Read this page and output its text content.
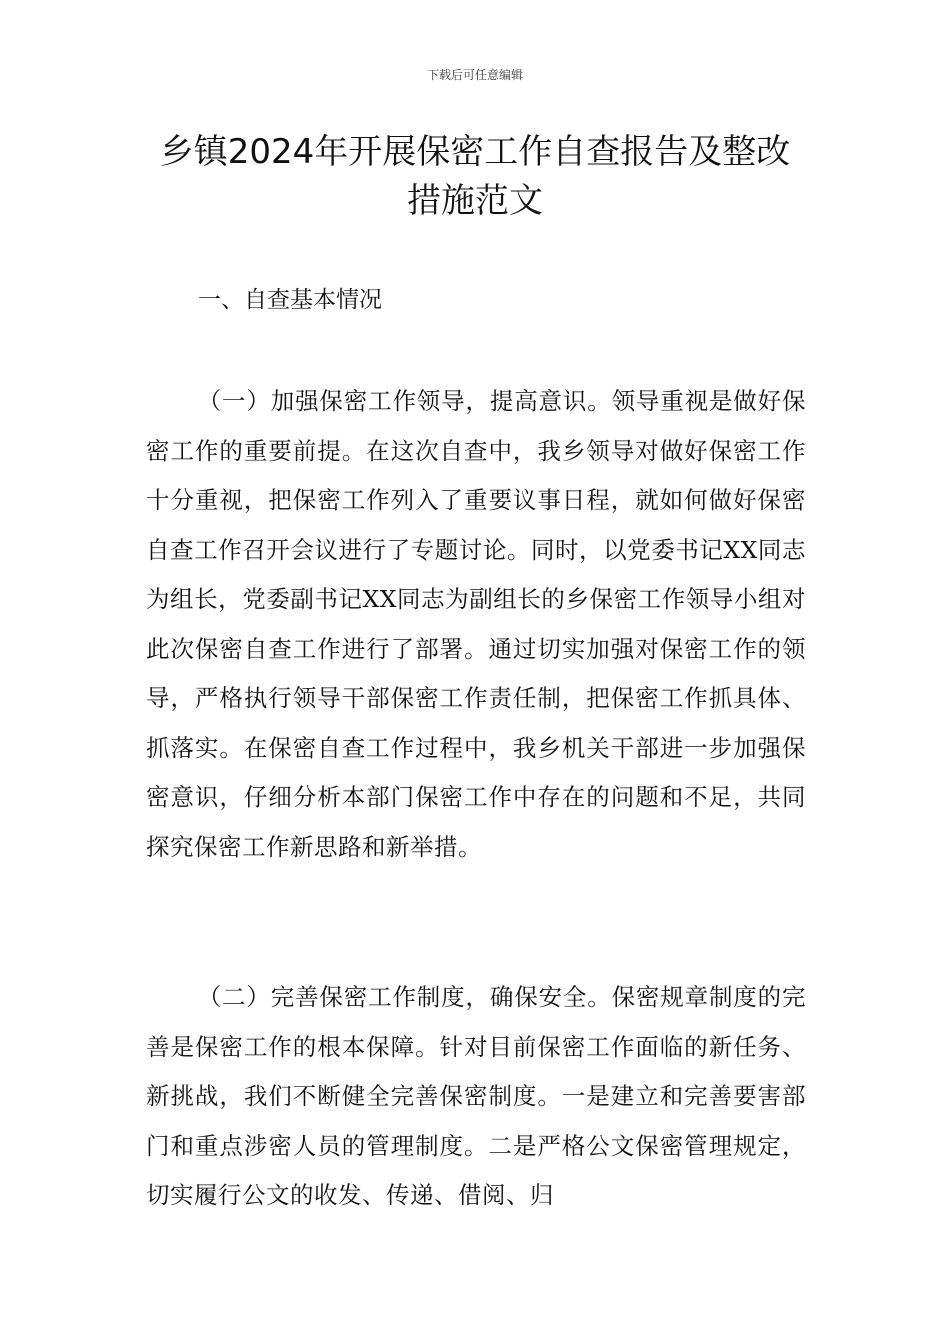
下载后可任意编辑
乡镇2024年开展保密工作自查报告及整改措施范文

一、自查基本情况

（一）加强保密工作领导，提高意识。领导重视是做好保密工作的重要前提。在这次自查中，我乡领导对做好保密工作十分重视，把保密工作列入了重要议事日程，就如何做好保密自查工作召开会议进行了专题讨论。同时，以党委书记XX同志为组长，党委副书记XX同志为副组长的乡保密工作领导小组对此次保密自查工作进行了部署。通过切实加强对保密工作的领导，严格执行领导干部保密工作责任制，把保密工作抓具体、抓落实。在保密自查工作过程中，我乡机关干部进一步加强保密意识，仔细分析本部门保密工作中存在的问题和不足，共同探究保密工作新思路和新举措。

（二）完善保密工作制度，确保安全。保密规章制度的完善是保密工作的根本保障。针对目前保密工作面临的新任务、新挑战，我们不断健全完善保密制度。一是建立和完善要害部门和重点涉密人员的管理制度。二是严格公文保密管理规定，切实履行公文的收发、传递、借阅、归
